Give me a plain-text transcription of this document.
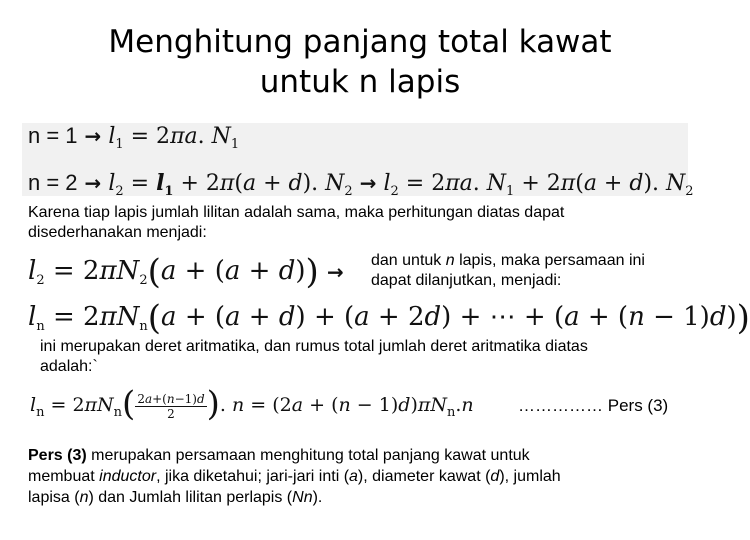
Menghitung panjang total kawat
untuk n lapis
$n = 1 \to l_1 = 2\pi a$. $N_1$
$n = 2 \to l_2 = l_1 + 2\pi(a + d)$. $N_2 \to l_2 = 2\pi a$. $N_1 + 2\pi(a + d)$. $N_2$
Karena tiap lapis jumlah lilitan adalah sama, maka perhitungan diatas dapat
disederhanakan menjadi:
$l_2 = 2\pi N_2(a + (a + d))$ → dan untuk n lapis, maka persamaan ini
dapat dilanjutkan, menjadi:
$l_n = 2\pi N_n(a + (a + d) + (a + 2d)$ + ⋯ + (a + (n − 1)d))
ini merupakan deret aritmatika, dan rumus total jumlah deret aritmatika diatas
adalah:`
$l_n = 2\pi N_n( \frac{2a+(n-1)d}{2}$ ). $n = (2a + (n - 1)d)\pi N_n.n$	…………… Pers (3)
Pers (3) merupakan persamaan menghitung total panjang kawat untuk
membuat inductor, jika diketahui; jari-jari inti (a), diameter kawat (d), jumlah
lapisa (n) dan Jumlah lilitan perlapis (Nn).
